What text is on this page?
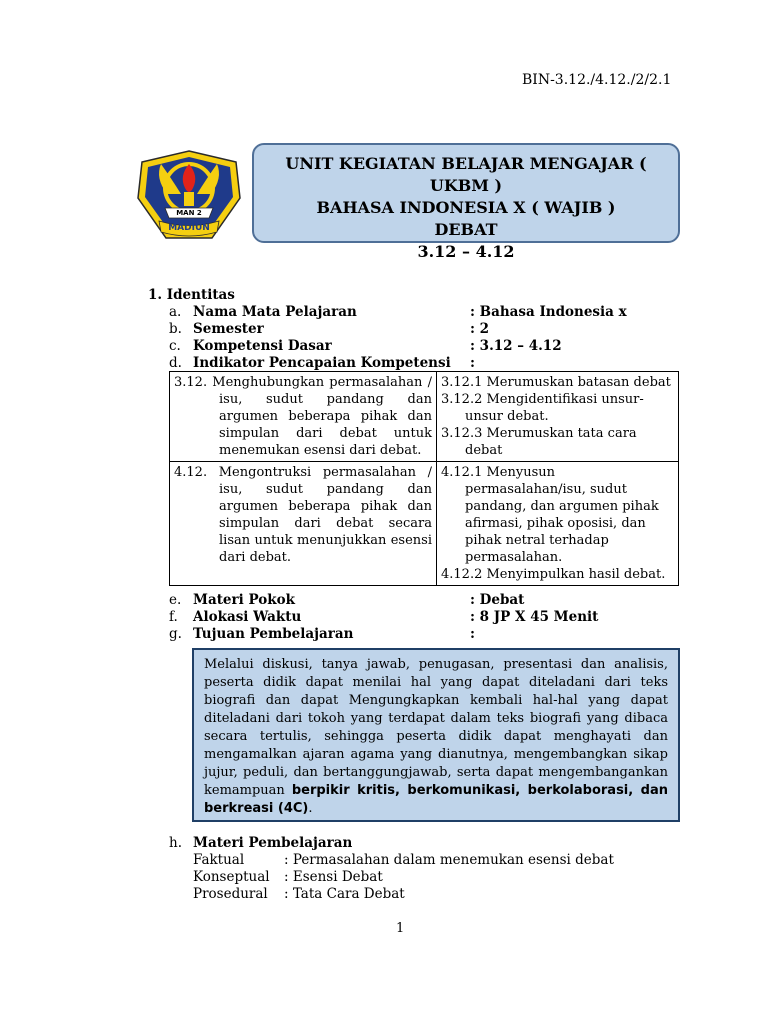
BIN-3.12./4.12./2/2.1
MAN 2
MADIUN
UNIT KEGIATAN BELAJAR MENGAJAR ( UKBM )
BAHASA INDONESIA X ( WAJIB )
DEBAT
3.12 – 4.12
1. Identitas
a. Nama Mata Pelajaran	: Bahasa Indonesia x
b. Semester	: 2
c. Kompetensi Dasar	: 3.12 – 4.12
d. Indikator Pencapaian Kompetensi :
3.12. Menghubungkan permasalahan / isu, sudut pandang dan argumen beberapa pihak dan simpulan dari debat untuk menemukan esensi dari debat.	3.12.1 Merumuskan batasan debat
3.12.2 Mengidentifikasi unsur-unsur debat.
3.12.3 Merumuskan tata cara debat

4.12. Mengontruksi permasalahan / isu, sudut pandang dan argumen beberapa pihak dan simpulan dari debat secara lisan untuk menunjukkan esensi dari debat.	4.12.1 Menyusun permasalahan/isu, sudut pandang, dan argumen pihak afirmasi, pihak oposisi, dan pihak netral terhadap permasalahan.
4.12.2 Menyimpulkan hasil debat.
e. Materi Pokok	: Debat
f. Alokasi Waktu	: 8 JP X 45 Menit
g. Tujuan Pembelajaran	:
Melalui diskusi, tanya jawab, penugasan, presentasi dan analisis, peserta didik dapat menilai hal yang dapat diteladani dari teks biografi dan dapat Mengungkapkan kembali hal-hal yang dapat diteladani dari tokoh yang terdapat dalam teks biografi yang dibaca secara tertulis, sehingga peserta didik dapat menghayati dan mengamalkan ajaran agama yang dianutnya, mengembangkan sikap jujur, peduli, dan bertanggungjawab, serta dapat mengembangankan kemampuan berpikir kritis, berkomunikasi, berkolaborasi, dan berkreasi (4C).
h. Materi Pembelajaran
Faktual	: Permasalahan dalam menemukan esensi debat
Konseptual : Esensi Debat
Prosedural : Tata Cara Debat
1
